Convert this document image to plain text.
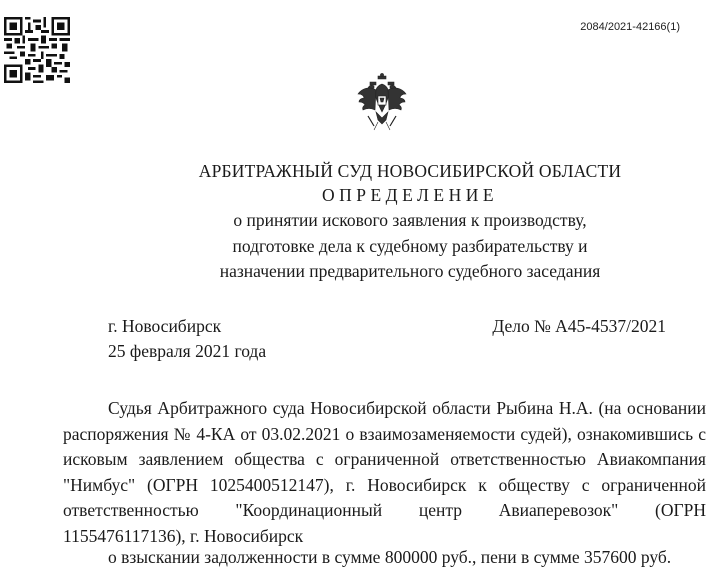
2084/2021-42166(1)
АРБИТРАЖНЫЙ СУД НОВОСИБИРСКОЙ ОБЛАСТИ
ОПРЕДЕЛЕНИЕ
о принятии искового заявления к производству,
подготовке дела к судебному разбирательству и
назначении предварительного судебного заседания
г. Новосибирск	Дело № А45-4537/2021
25 февраля 2021 года
Судья Арбитражного суда Новосибирской области Рыбина Н.А. (на основании
распоряжения № 4-КА от 03.02.2021 о взаимозаменяемости судей), ознакомившись с
исковым заявлением общества с ограниченной ответственностью Авиакомпания
"Нимбус" (ОГРН 1025400512147), г. Новосибирск к обществу с ограниченной
ответственностью "Координационный центр Авиаперевозок" (ОГРН
1155476117136), г. Новосибирск
о взыскании задолженности в сумме 800000 руб., пени в сумме 357600 руб.
